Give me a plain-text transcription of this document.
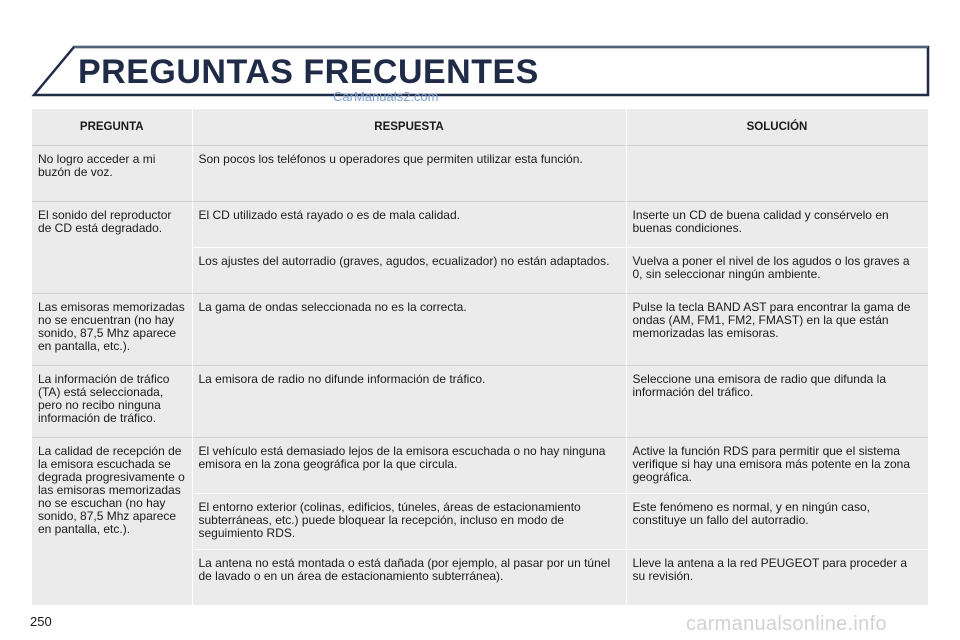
PREGUNTAS FRECUENTES

CarManuals2.com

PREGUNTA	RESPUESTA	SOLUCIÓN
No logro acceder a mi buzón de voz.	Son pocos los teléfonos u operadores que permiten utilizar esta función.	
El sonido del reproductor de CD está degradado.	El CD utilizado está rayado o es de mala calidad.	Inserte un CD de buena calidad y consérvelo en buenas condiciones.
	Los ajustes del autorradio (graves, agudos, ecualizador) no están adaptados.	Vuelva a poner el nivel de los agudos o los graves a 0, sin seleccionar ningún ambiente.
Las emisoras memorizadas no se encuentran (no hay sonido, 87,5 Mhz aparece en pantalla, etc.).	La gama de ondas seleccionada no es la correcta.	Pulse la tecla BAND AST para encontrar la gama de ondas (AM, FM1, FM2, FMAST) en la que están memorizadas las emisoras.
La información de tráfico (TA) está seleccionada, pero no recibo ninguna información de tráfico.	La emisora de radio no difunde información de tráfico.	Seleccione una emisora de radio que difunda la información del tráfico.
La calidad de recepción de la emisora escuchada se degrada progresivamente o las emisoras memorizadas no se escuchan (no hay sonido, 87,5 Mhz aparece en pantalla, etc.).	El vehículo está demasiado lejos de la emisora escuchada o no hay ninguna emisora en la zona geográfica por la que circula.	Active la función RDS para permitir que el sistema verifique si hay una emisora más potente en la zona geográfica.
	El entorno exterior (colinas, edificios, túneles, áreas de estacionamiento subterráneas, etc.) puede bloquear la recepción, incluso en modo de seguimiento RDS.	Este fenómeno es normal, y en ningún caso, constituye un fallo del autorradio.
	La antena no está montada o está dañada (por ejemplo, al pasar por un túnel de lavado o en un área de estacionamiento subterránea).	Lleve la antena a la red PEUGEOT para proceder a su revisión.

250	carmanualsonline.info
